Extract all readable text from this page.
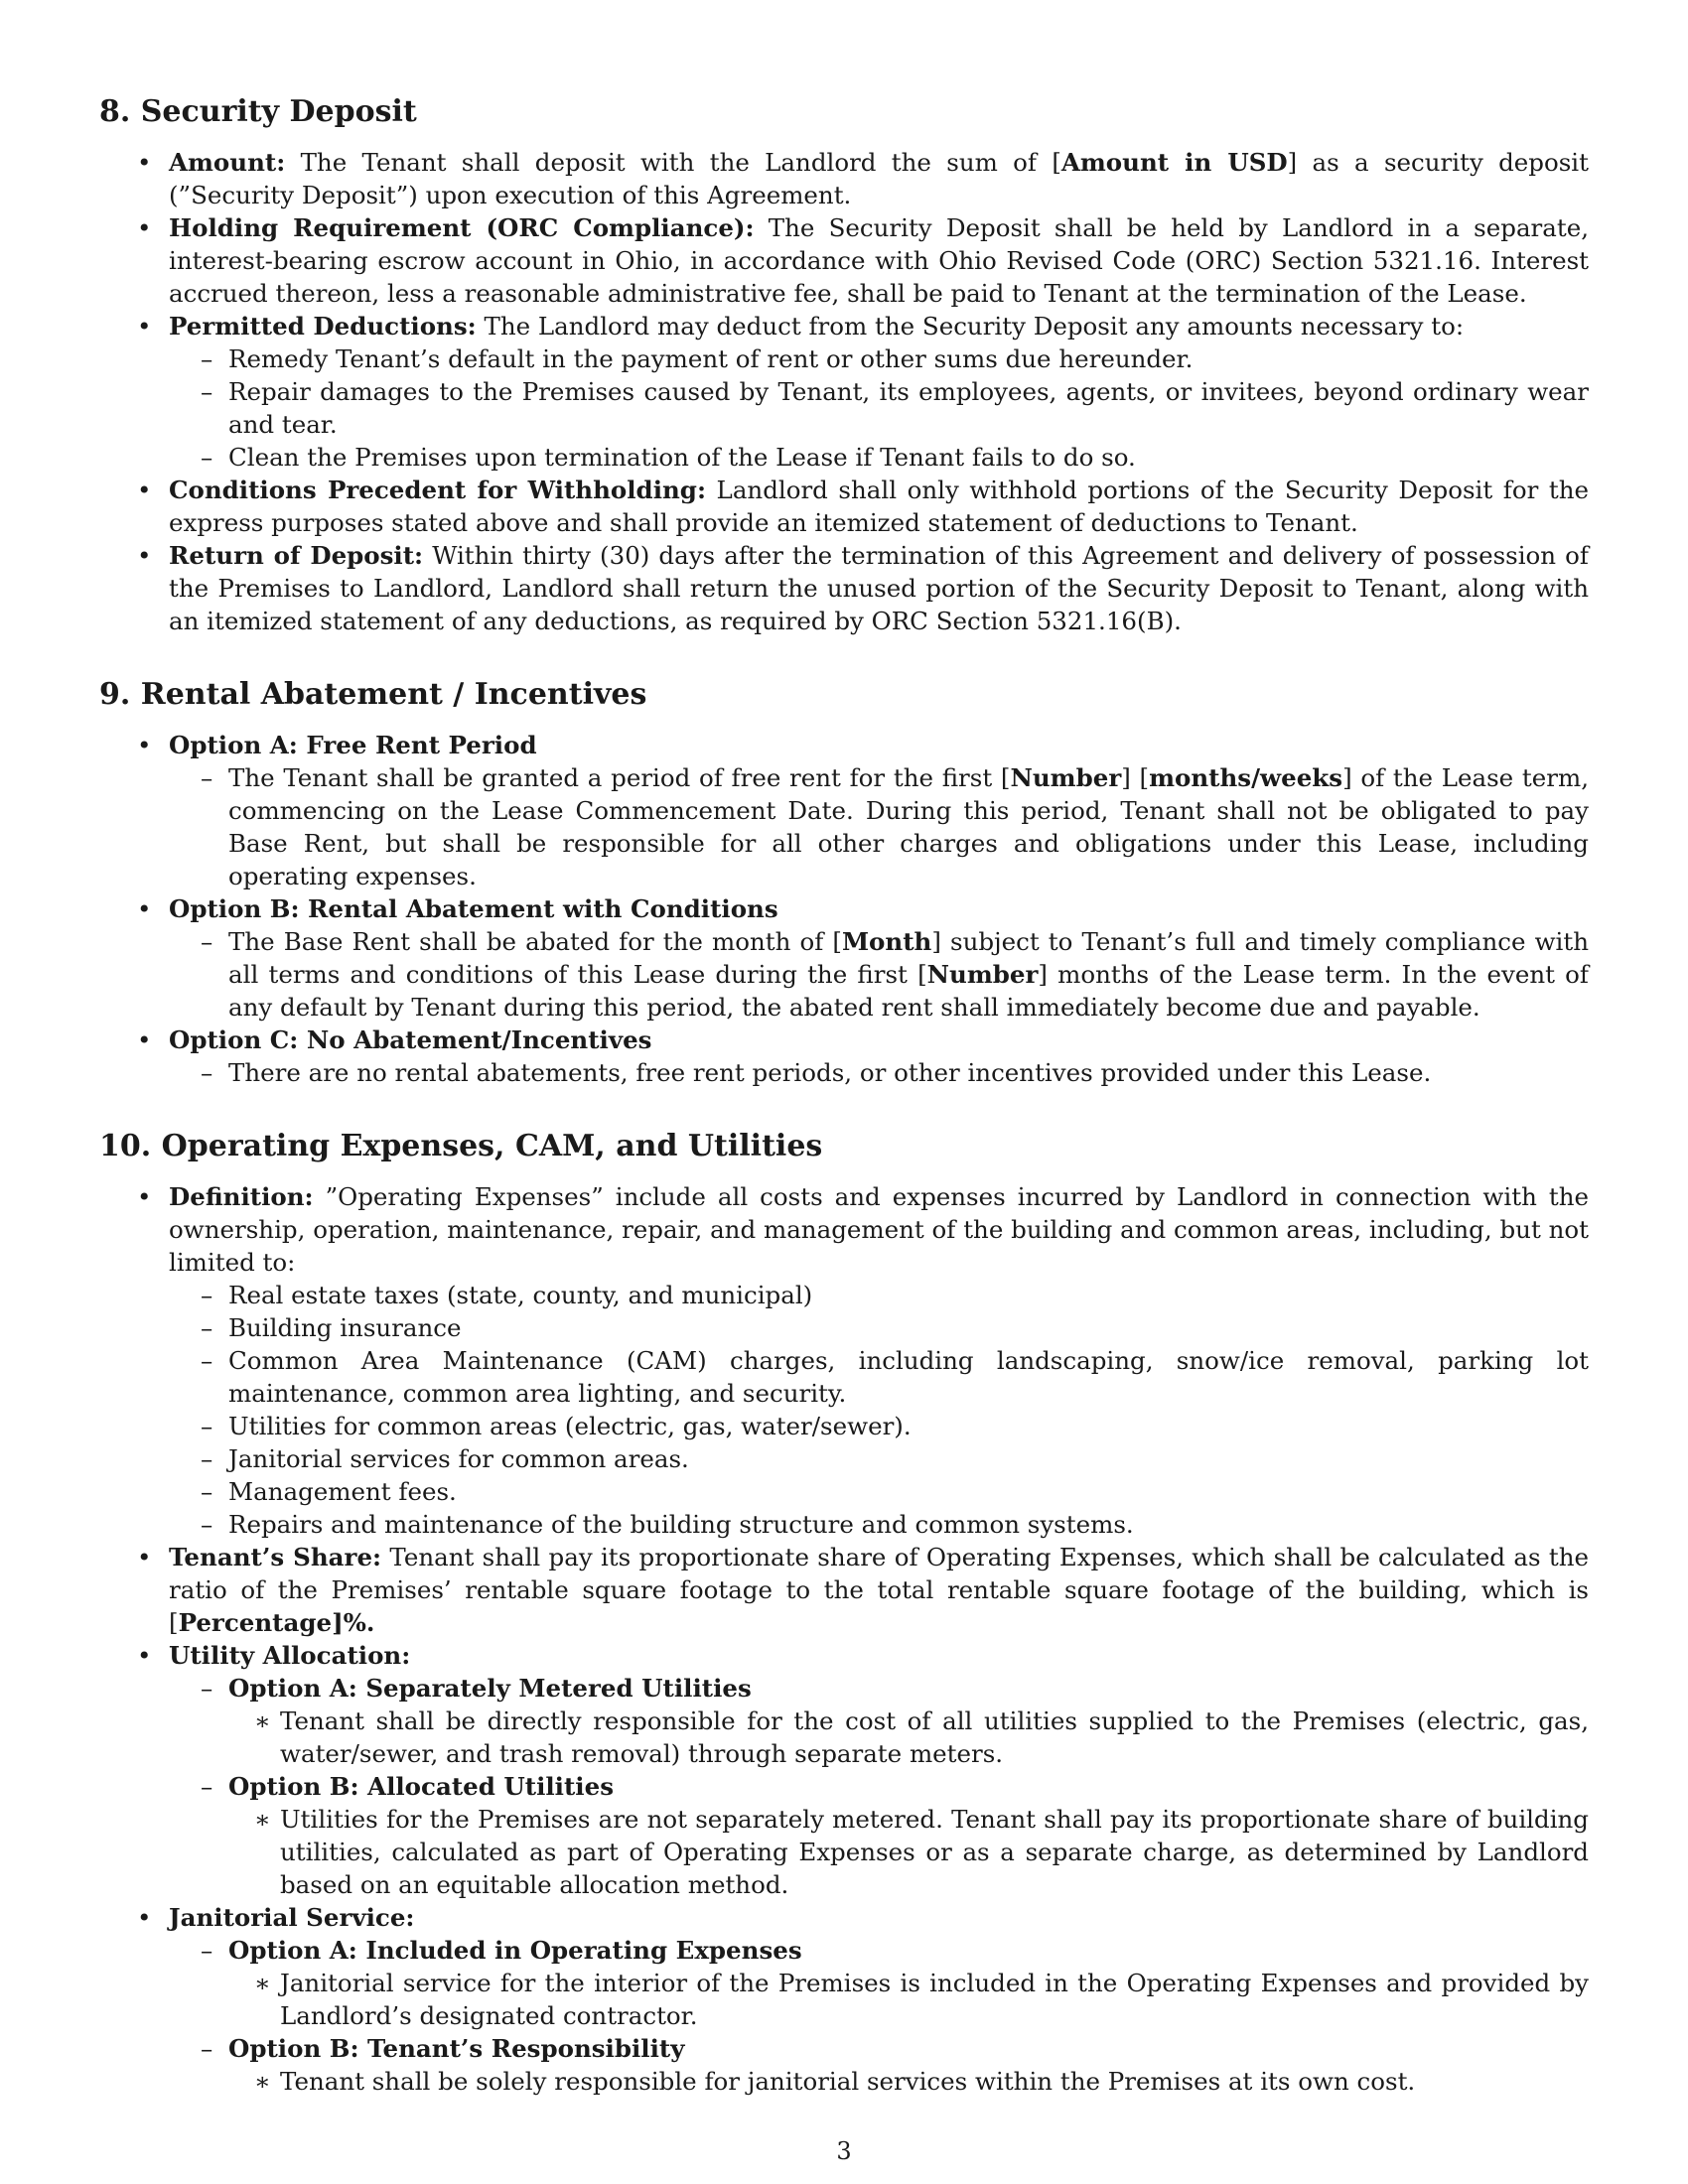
8. Security Deposit
• Amount: The Tenant shall deposit with the Landlord the sum of [Amount in USD] as a security deposit (”Security Deposit”) upon execution of this Agreement.
• Holding Requirement (ORC Compliance): The Security Deposit shall be held by Landlord in a separate, interest-bearing escrow account in Ohio, in accordance with Ohio Revised Code (ORC) Section 5321.16. Interest accrued thereon, less a reasonable administrative fee, shall be paid to Tenant at the termination of the Lease.
• Permitted Deductions: The Landlord may deduct from the Security Deposit any amounts necessary to:
– Remedy Tenant’s default in the payment of rent or other sums due hereunder.
– Repair damages to the Premises caused by Tenant, its employees, agents, or invitees, beyond ordinary wear and tear.
– Clean the Premises upon termination of the Lease if Tenant fails to do so.
• Conditions Precedent for Withholding: Landlord shall only withhold portions of the Security Deposit for the express purposes stated above and shall provide an itemized statement of deductions to Tenant.
• Return of Deposit: Within thirty (30) days after the termination of this Agreement and delivery of possession of the Premises to Landlord, Landlord shall return the unused portion of the Security Deposit to Tenant, along with an itemized statement of any deductions, as required by ORC Section 5321.16(B).
9. Rental Abatement / Incentives
• Option A: Free Rent Period
– The Tenant shall be granted a period of free rent for the first [Number] [months/weeks] of the Lease term, commencing on the Lease Commencement Date. During this period, Tenant shall not be obligated to pay Base Rent, but shall be responsible for all other charges and obligations under this Lease, including operating expenses.
• Option B: Rental Abatement with Conditions
– The Base Rent shall be abated for the month of [Month] subject to Tenant’s full and timely compliance with all terms and conditions of this Lease during the first [Number] months of the Lease term. In the event of any default by Tenant during this period, the abated rent shall immediately become due and payable.
• Option C: No Abatement/Incentives
– There are no rental abatements, free rent periods, or other incentives provided under this Lease.
10. Operating Expenses, CAM, and Utilities
• Definition: ”Operating Expenses” include all costs and expenses incurred by Landlord in connection with the ownership, operation, maintenance, repair, and management of the building and common areas, including, but not limited to:
– Real estate taxes (state, county, and municipal)
– Building insurance
– Common Area Maintenance (CAM) charges, including landscaping, snow/ice removal, parking lot maintenance, common area lighting, and security.
– Utilities for common areas (electric, gas, water/sewer).
– Janitorial services for common areas.
– Management fees.
– Repairs and maintenance of the building structure and common systems.
• Tenant’s Share: Tenant shall pay its proportionate share of Operating Expenses, which shall be calculated as the ratio of the Premises’ rentable square footage to the total rentable square footage of the building, which is [Percentage]%.
• Utility Allocation:
– Option A: Separately Metered Utilities
∗ Tenant shall be directly responsible for the cost of all utilities supplied to the Premises (electric, gas, water/sewer, and trash removal) through separate meters.
– Option B: Allocated Utilities
∗ Utilities for the Premises are not separately metered. Tenant shall pay its proportionate share of building utilities, calculated as part of Operating Expenses or as a separate charge, as determined by Landlord based on an equitable allocation method.
• Janitorial Service:
– Option A: Included in Operating Expenses
∗ Janitorial service for the interior of the Premises is included in the Operating Expenses and provided by Landlord’s designated contractor.
– Option B: Tenant’s Responsibility
∗ Tenant shall be solely responsible for janitorial services within the Premises at its own cost.
3
